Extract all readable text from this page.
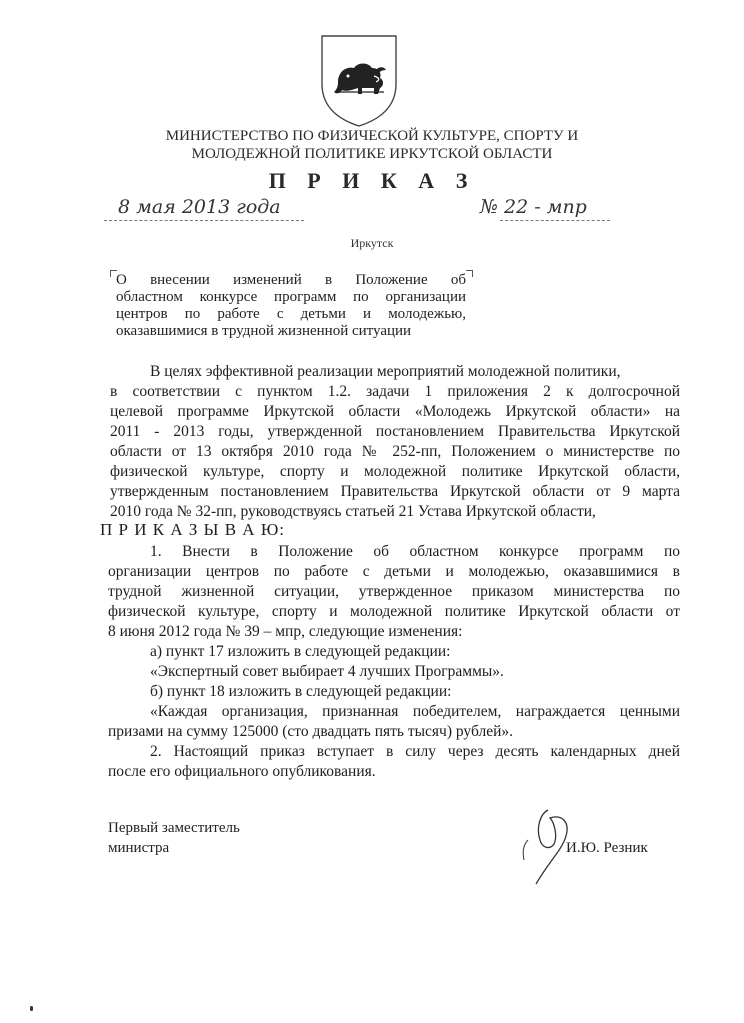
МИНИСТЕРСТВО ПО ФИЗИЧЕСКОЙ КУЛЬТУРЕ, СПОРТУ И
МОЛОДЕЖНОЙ ПОЛИТИКЕ ИРКУТСКОЙ ОБЛАСТИ
П Р И К А З
8 мая 2013 года	№ 22 - мпр
Иркутск
О внесении изменений в Положение об
областном конкурсе программ по организации
центров по работе с детьми и молодежью,
оказавшимися в трудной жизненной ситуации
В целях эффективной реализации мероприятий молодежной политики,
в соответствии с пунктом 1.2. задачи 1 приложения 2 к долгосрочной
целевой программе Иркутской области «Молодежь Иркутской области» на
2011 - 2013 годы, утвержденной постановлением Правительства Иркутской
области от 13 октября 2010 года № 252-пп, Положением о министерстве по
физической культуре, спорту и молодежной политике Иркутской области,
утвержденным постановлением Правительства Иркутской области от 9 марта
2010 года № 32-пп, руководствуясь статьей 21 Устава Иркутской области,
П Р И К А З Ы В А Ю:
1. Внести в Положение об областном конкурсе программ по
организации центров по работе с детьми и молодежью, оказавшимися в
трудной жизненной ситуации, утвержденное приказом министерства по
физической культуре, спорту и молодежной политике Иркутской области от
8 июня 2012 года № 39 – мпр, следующие изменения:
а) пункт 17 изложить в следующей редакции:
«Экспертный совет выбирает 4 лучших Программы».
б) пункт 18 изложить в следующей редакции:
«Каждая организация, признанная победителем, награждается ценными
призами на сумму 125000 (сто двадцать пять тысяч) рублей».
2. Настоящий приказ вступает в силу через десять календарных дней
после его официального опубликования.
Первый заместитель
министра	И.Ю. Резник
